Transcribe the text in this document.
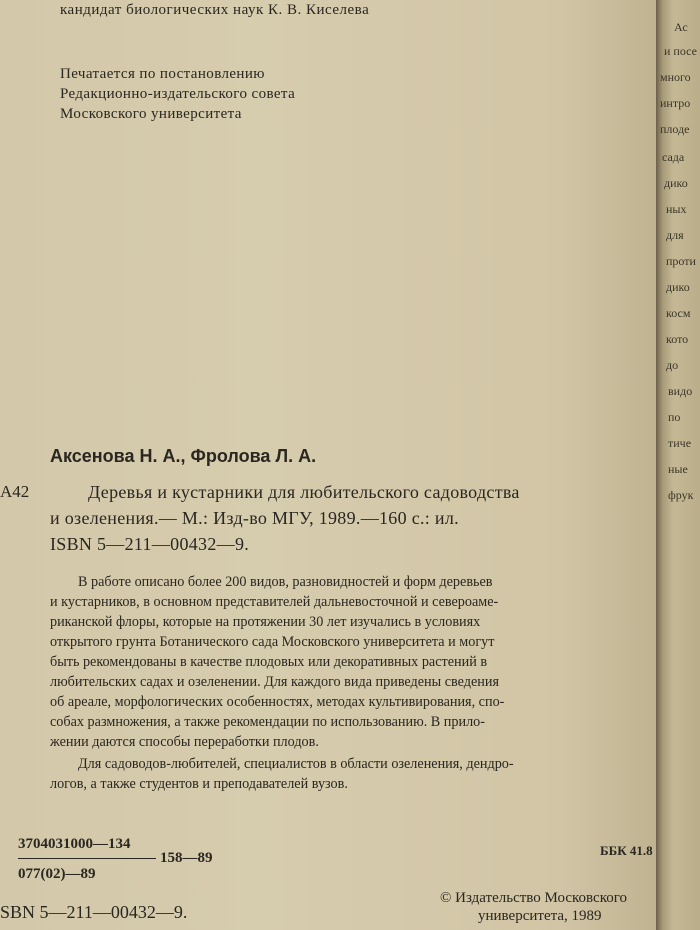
кандидат биологических наук К. В. Киселева
Печатается по постановлению
Редакционно-издательского совета
Московского университета
Аксенова Н. А., Фролова Л. А.
A42	Деревья и кустарники для любительского садоводства
и озеленения.— М.: Изд-во МГУ, 1989.—160 с.: ил.
ISBN 5—211—00432—9.
В работе описано более 200 видов, разновидностей и форм деревьев
и кустарников, в основном представителей дальневосточной и североаме-
риканской флоры, которые на протяжении 30 лет изучались в условиях
открытого грунта Ботанического сада Московского университета и могут
быть рекомендованы в качестве плодовых или декоративных растений в
любительских садах и озеленении. Для каждого вида приведены сведения
об ареале, морфологических особенностях, методах культивирования, спо-
собах размножения, а также рекомендации по использованию. В прило-
жении даются способы переработки плодов.
Для садоводов-любителей, специалистов в области озеленения, дендро-
логов, а также студентов и преподавателей вузов.
3704031000—134
077(02)—89
158—89	ББК 41.8
SBN 5—211—00432—9.
© Издательство Московского
университета, 1989
Ас
и посе
много
интро
плоде
сада
дико
ных
для
проти
дико
косм
кото
до
видо
по
тиче
ные
фрук
